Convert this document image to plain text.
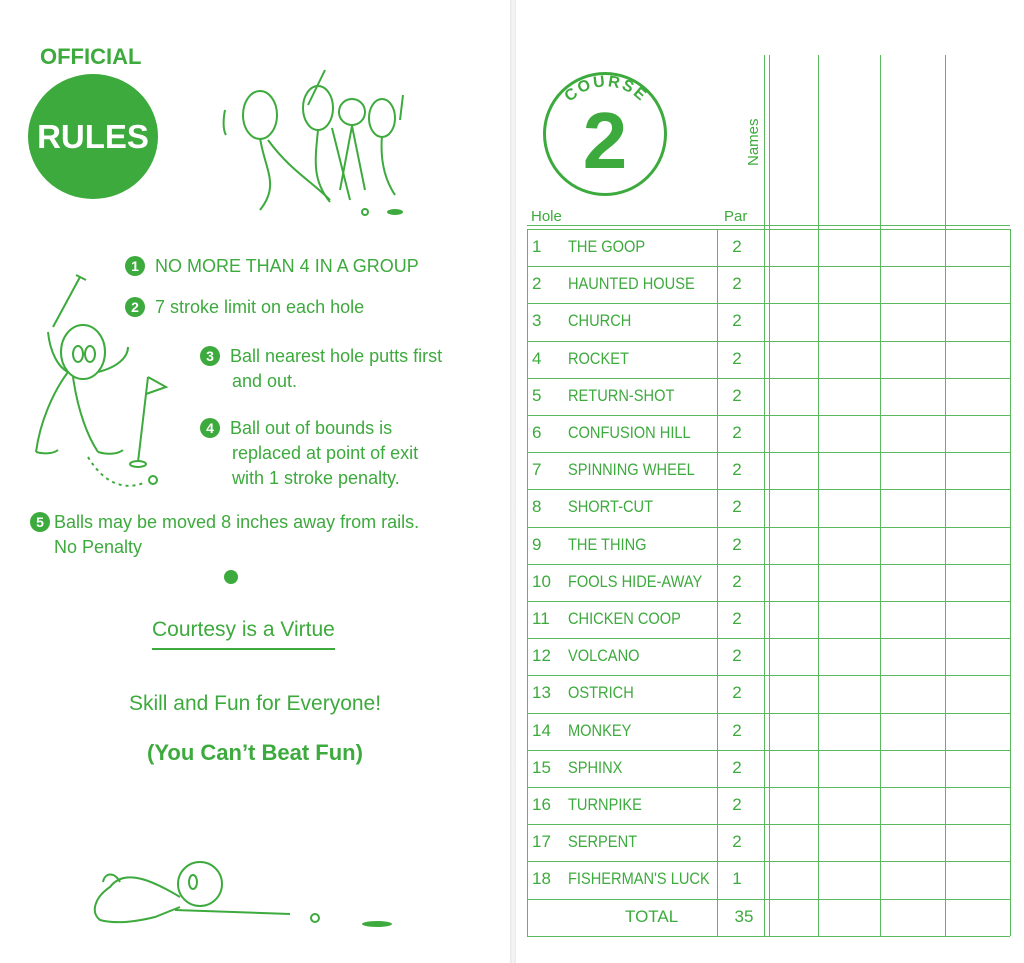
OFFICIAL
RULES
1 NO MORE THAN 4 IN A GROUP
2 7 stroke limit on each hole
3 Ball nearest hole putts first
and out.
4 Ball out of bounds is
replaced at point of exit
with 1 stroke penalty.
5 Balls may be moved 8 inches away from rails.
No Penalty
Courtesy is a Virtue
Skill and Fun for Everyone!
(You Can’t Beat Fun)
COURSE
2
Hole	Par
Names
1 THE GOOP	2
2 HAUNTED HOUSE	2
3 CHURCH	2
4 ROCKET	2
5 RETURN-SHOT	2
6 CONFUSION HILL	2
7 SPINNING WHEEL	2
8 SHORT-CUT	2
9 THE THING	2
10 FOOLS HIDE-AWAY	2
11 CHICKEN COOP	2
12 VOLCANO	2
13 OSTRICH	2
14 MONKEY	2
15 SPHINX	2
16 TURNPIKE	2
17 SERPENT	2
18 FISHERMAN'S LUCK	1
TOTAL	35
